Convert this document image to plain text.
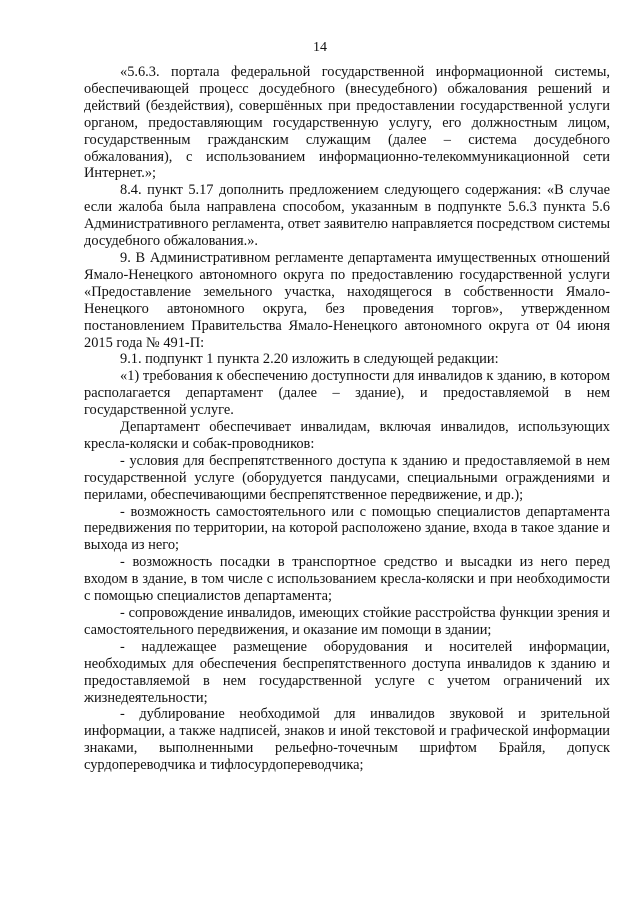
14

«5.6.3. портала федеральной государственной информационной системы, обеспечивающей процесс досудебного (внесудебного) обжалования решений и действий (бездействия), совершённых при предоставлении государственной услуги органом, предоставляющим государственную услугу, его должностным лицом, государственным гражданским служащим (далее – система досудебного обжалования), с использованием информационно-телекоммуникационной сети Интернет.»;

8.4. пункт 5.17 дополнить предложением следующего содержания: «В случае если жалоба была направлена способом, указанным в подпункте 5.6.3 пункта 5.6 Административного регламента, ответ заявителю направляется посредством системы досудебного обжалования.».

9. В Административном регламенте департамента имущественных отношений Ямало-Ненецкого автономного округа по предоставлению государственной услуги «Предоставление земельного участка, находящегося в собственности Ямало-Ненецкого автономного округа, без проведения торгов», утвержденном постановлением Правительства Ямало-Ненецкого автономного округа от 04 июня 2015 года № 491-П:

9.1. подпункт 1 пункта 2.20 изложить в следующей редакции:

«1) требования к обеспечению доступности для инвалидов к зданию, в котором располагается департамент (далее – здание), и предоставляемой в нем государственной услуге.

Департамент обеспечивает инвалидам, включая инвалидов, использующих кресла-коляски и собак-проводников:

- условия для беспрепятственного доступа к зданию и предоставляемой в нем государственной услуге (оборудуется пандусами, специальными ограждениями и перилами, обеспечивающими беспрепятственное передвижение, и др.);

- возможность самостоятельного или с помощью специалистов департамента передвижения по территории, на которой расположено здание, входа в такое здание и выхода из него;

- возможность посадки в транспортное средство и высадки из него перед входом в здание, в том числе с использованием кресла-коляски и при необходимости с помощью специалистов департамента;

- сопровождение инвалидов, имеющих стойкие расстройства функции зрения и самостоятельного передвижения, и оказание им помощи в здании;

- надлежащее размещение оборудования и носителей информации, необходимых для обеспечения беспрепятственного доступа инвалидов к зданию и предоставляемой в нем государственной услуге с учетом ограничений их жизнедеятельности;

- дублирование необходимой для инвалидов звуковой и зрительной информации, а также надписей, знаков и иной текстовой и графической информации знаками, выполненными рельефно-точечным шрифтом Брайля, допуск сурдопереводчика и тифлосурдопереводчика;
